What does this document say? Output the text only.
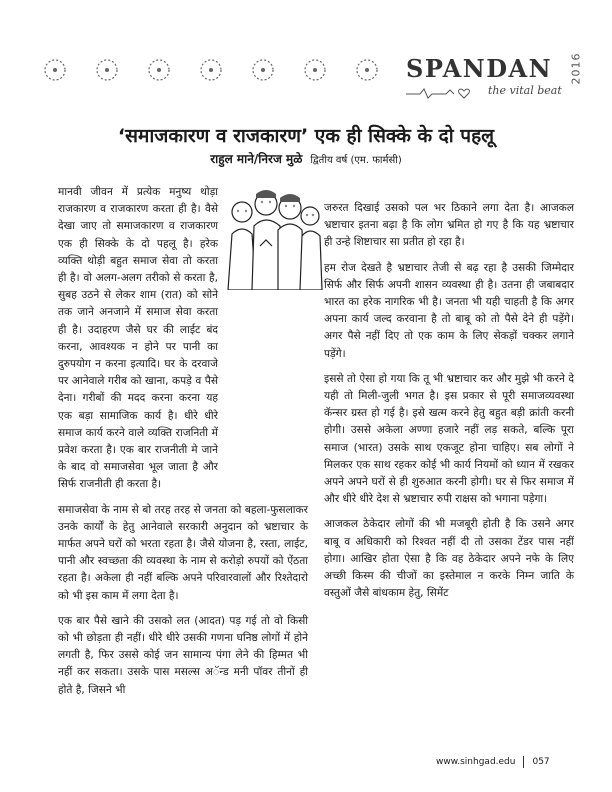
SPANDAN 2016
the vital beat
‘समाजकारण व राजकारण’ एक ही सिक्के के दो पहलू
राहुल माने/निरज मुळे द्वितीय वर्ष (एम. फार्मसी)

मानवी जीवन में प्रत्येक मनुष्य थोड़ा राजकारण व राजकारण करता ही है। वैसे देखा जाए तो समाजकारण व राजकारण एक ही सिक्के के दो पहलू है। हरेक व्यक्ति थोड़ी बहुत समाज सेवा तो करता ही है। वो अलग-अलग तरीको से करता है, सुबह उठने से लेकर शाम (रात) को सोने तक जाने अनजाने में समाज सेवा करता ही है। उदाहरण जैसे घर की लाईट बंद करना, आवश्यक न होने पर पानी का दुरुपयोग न करना इत्यादि। घर के दरवाजे पर आनेवाले गरीब को खाना, कपड़े व पैसे देना। गरीबों की मदद करना करना यह एक बड़ा सामाजिक कार्य है। धीरे धीरे समाज कार्य करने वाले व्यक्ति राजनिती में प्रवेश करता है। एक बार राजनीती मे जाने के बाद वो समाजसेवा भूल जाता है और सिर्फ राजनीती ही करता है।

समाजसेवा के नाम से बो तरह तरह से जनता को बहला-फुसलाकर उनके कार्यों के हेतु आनेवाले सरकारी अनुदान को भ्रष्टाचार के मार्फत अपने घरों को भरता रहता है। जैसे योजना है, रस्ता, लाईट, पानी और स्वच्छता की व्यवस्था के नाम से करोड़ो रुपयों को ऐंठता रहता है। अकेला ही नहीं बल्कि अपने परिवारवालों और रिश्तेदारो को भी इस काम में लगा देता है।

एक बार पैसे खाने की उसको लत (आदत) पड़ गई तो वो किसी को भी छोड़ता ही नहीं। धीरे धीरे उसकी गणना घनिष्ठ लोगों में होने लगती है, फिर उससे कोई जन सामान्य पंगा लेने की हिम्मत भी नहीं कर सकता। उसके पास मसल्स अॅन्ड मनी पॉवर तीनों ही होते है, जिसने भी

जरुरत दिखाई उसको पल भर ठिकाने लगा देता है। आजकल भ्रष्टाचार इतना बढ़ा है कि लोग भ्रमित हो गए है कि यह भ्रष्टाचार ही उन्हे शिष्टाचार सा प्रतीत हो रहा है।

हम रोज देखते है भ्रष्टाचार तेजी से बढ़ रहा है उसकी जिम्मेदार सिर्फ और सिर्फ अपनी शासन व्यवस्था ही है। उतना ही जबाबदार भारत का हरेक नागरिक भी है। जनता भी यही चाहती है कि अगर अपना कार्य जल्द करवाना है तो बाबू को तो पैसे देने ही पड़ेंगे। अगर पैसे नहीं दिए तो एक काम के लिए सेकड़ों चक्कर लगाने पड़ेंगे।

इससे तो ऐसा हो गया कि तू भी भ्रष्टाचार कर और मुझे भी करने दे यही तो मिली-जुली भगत है। इस प्रकार से पूरी समाजव्यवस्था कॅन्सर ग्रस्त हो गई है। इसे खत्म करने हेतु बहुत बड़ी क्रांती करनी होगी। उससे अकेला अण्णा हजारे नहीं लड़ सकते, बल्कि पूरा समाज (भारत) उसके साथ एकजूट होना चाहिए। सब लोगों ने मिलकर एक साथ रहकर कोई भी कार्य नियमों को ध्यान में रखकर अपने अपने घरों से ही शुरुआत करनी होगी। घर से फिर समाज में और धीरे धीरे देश से भ्रष्टाचार रुपी राक्षस को भगाना पड़ेगा।

आजकल ठेकेदार लोगों की भी मजबूरी होती है कि उसने अगर बाबू व अधिकारी को रिश्वत नहीं दी तो उसका टेंडर पास नहीं होगा। आखिर होता ऐसा है कि वह ठेकेदार अपने नफे के लिए अच्छी किस्म की चीजों का इस्तेमाल न करके निम्न जाति के वस्तुओं जैसे बांधकाम हेतु, सिमेंट

www.sinhgad.edu 057
